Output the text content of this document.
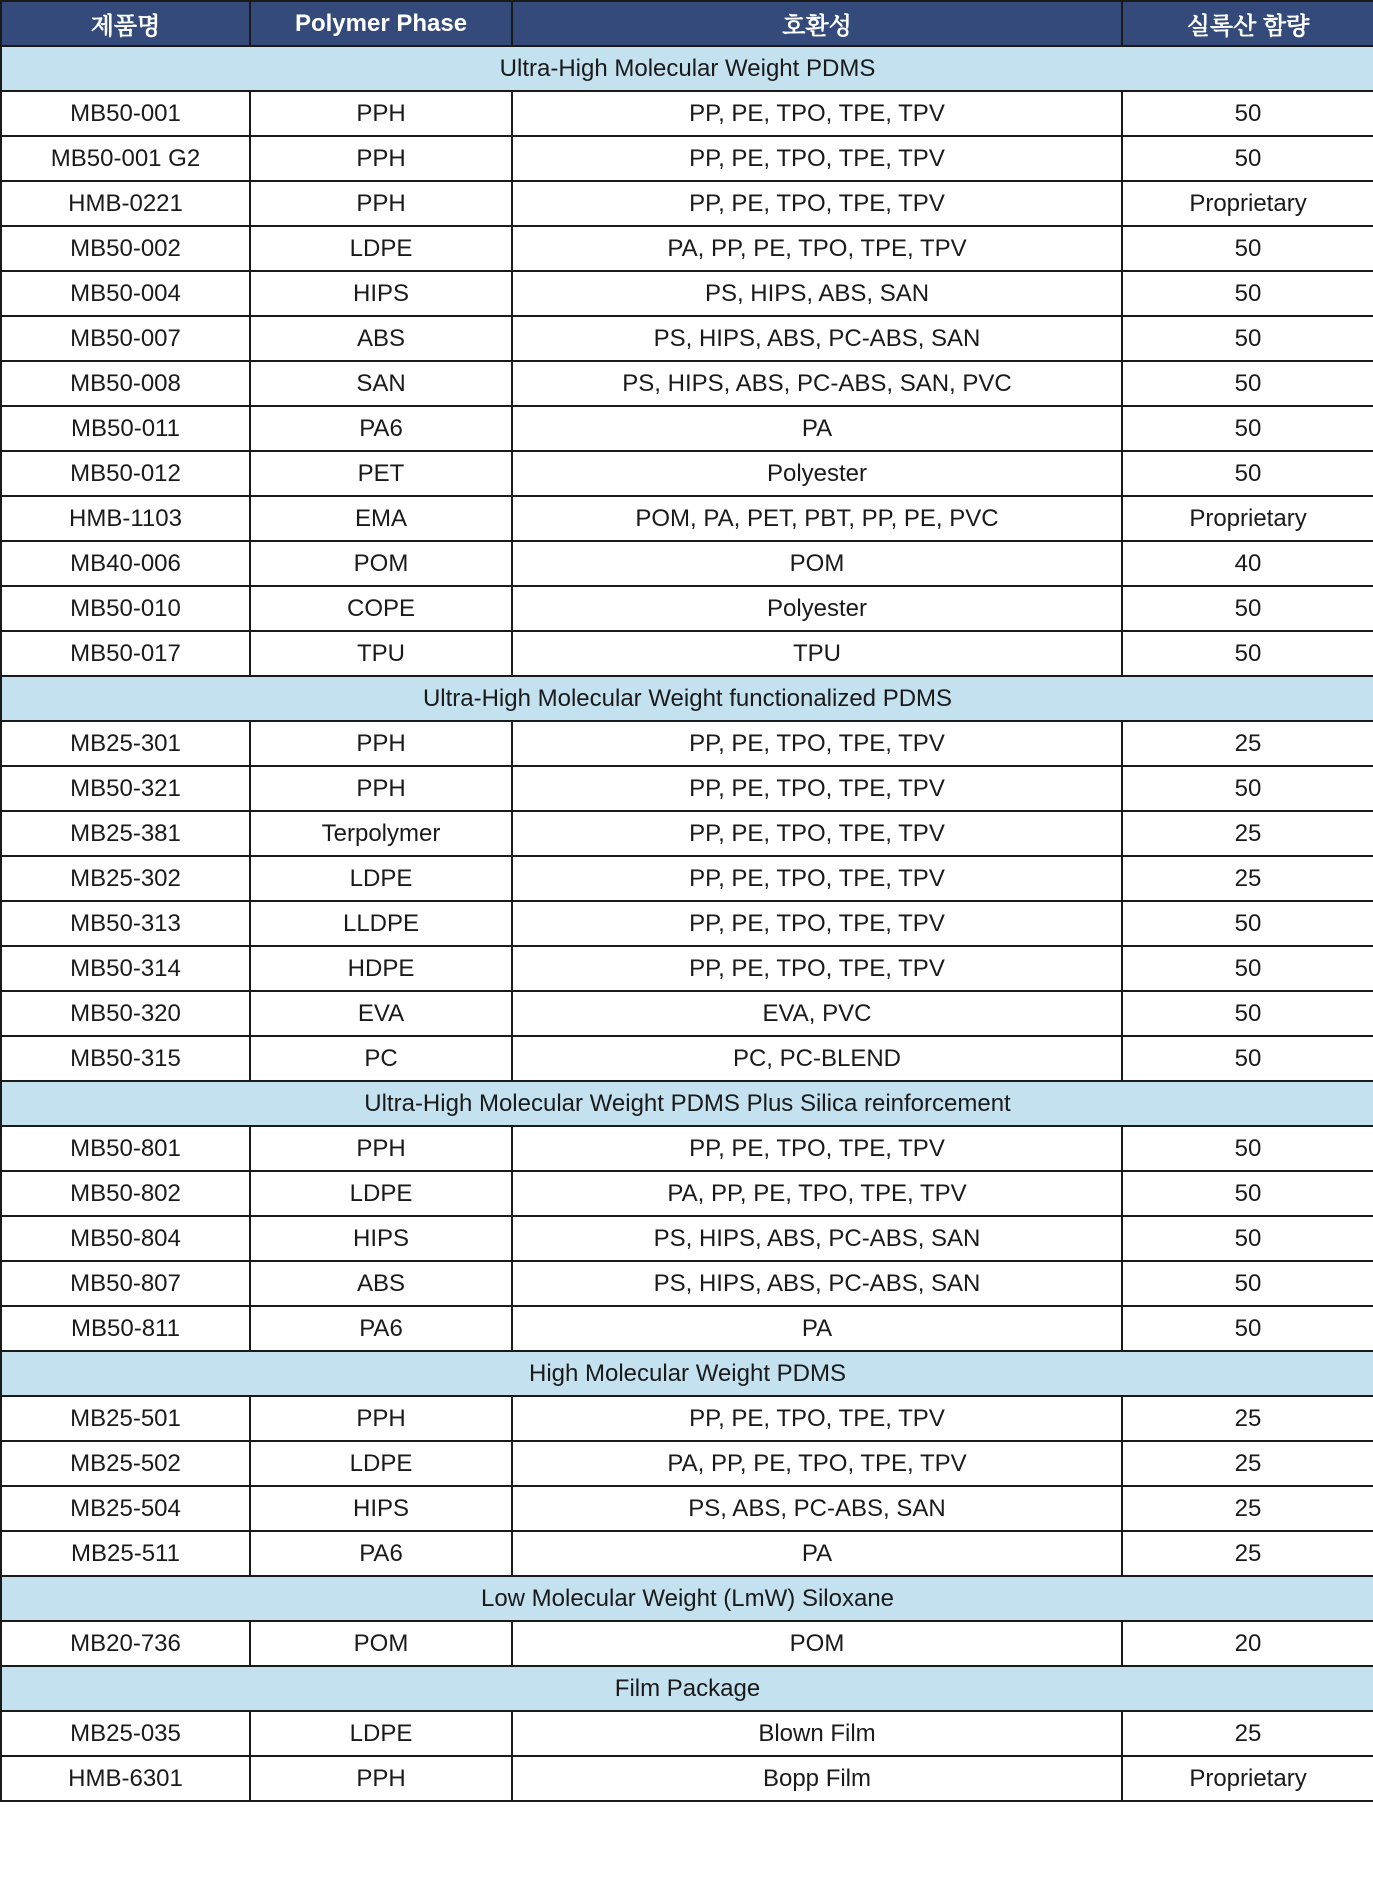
제품명	Polymer Phase	호환성	실록산 함량
Ultra-High Molecular Weight PDMS			
MB50-001	PPH	PP, PE, TPO, TPE, TPV	50
MB50-001 G2	PPH	PP, PE, TPO, TPE, TPV	50
HMB-0221	PPH	PP, PE, TPO, TPE, TPV	Proprietary
MB50-002	LDPE	PA, PP, PE, TPO, TPE, TPV	50
MB50-004	HIPS	PS, HIPS, ABS, SAN	50
MB50-007	ABS	PS, HIPS, ABS, PC-ABS, SAN	50
MB50-008	SAN	PS, HIPS, ABS, PC-ABS, SAN, PVC	50
MB50-011	PA6	PA	50
MB50-012	PET	Polyester	50
HMB-1103	EMA	POM, PA, PET, PBT, PP, PE, PVC	Proprietary
MB40-006	POM	POM	40
MB50-010	COPE	Polyester	50
MB50-017	TPU	TPU	50
Ultra-High Molecular Weight functionalized PDMS			
MB25-301	PPH	PP, PE, TPO, TPE, TPV	25
MB50-321	PPH	PP, PE, TPO, TPE, TPV	50
MB25-381	Terpolymer	PP, PE, TPO, TPE, TPV	25
MB25-302	LDPE	PP, PE, TPO, TPE, TPV	25
MB50-313	LLDPE	PP, PE, TPO, TPE, TPV	50
MB50-314	HDPE	PP, PE, TPO, TPE, TPV	50
MB50-320	EVA	EVA, PVC	50
MB50-315	PC	PC, PC-BLEND	50
Ultra-High Molecular Weight PDMS Plus Silica reinforcement			
MB50-801	PPH	PP, PE, TPO, TPE, TPV	50
MB50-802	LDPE	PA, PP, PE, TPO, TPE, TPV	50
MB50-804	HIPS	PS, HIPS, ABS, PC-ABS, SAN	50
MB50-807	ABS	PS, HIPS, ABS, PC-ABS, SAN	50
MB50-811	PA6	PA	50
High Molecular Weight PDMS			
MB25-501	PPH	PP, PE, TPO, TPE, TPV	25
MB25-502	LDPE	PA, PP, PE, TPO, TPE, TPV	25
MB25-504	HIPS	PS, ABS, PC-ABS, SAN	25
MB25-511	PA6	PA	25
Low Molecular Weight (LmW) Siloxane			
MB20-736	POM	POM	20
Film Package			
MB25-035	LDPE	Blown Film	25
HMB-6301	PPH	Bopp Film	Proprietary
